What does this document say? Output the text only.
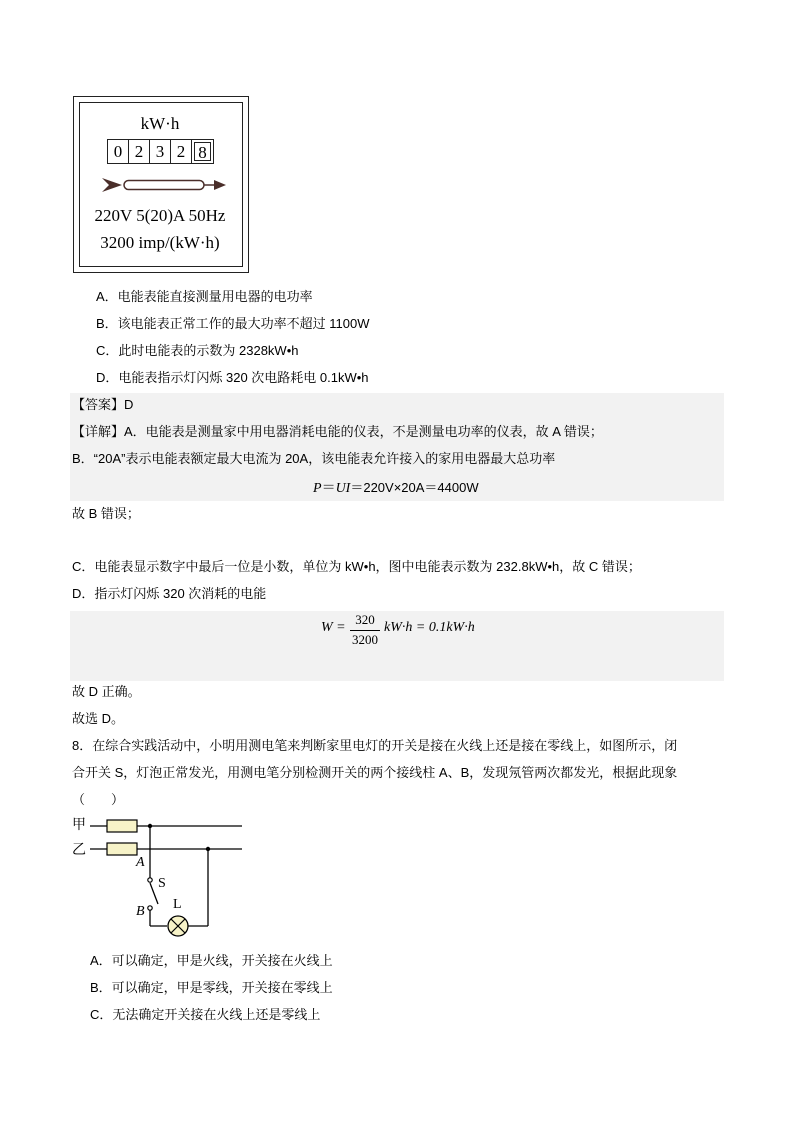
kW·h
0 2 3 2 8
220V 5(20)A 50Hz
3200 imp/(kW·h)
A．电能表能直接测量用电器的电功率
B．该电能表正常工作的最大功率不超过 1100W
C．此时电能表的示数为 2328kW•h
D．电能表指示灯闪烁 320 次电路耗电 0.1kW•h
【答案】D
【详解】A．电能表是测量家中用电器消耗电能的仪表，不是测量电功率的仪表，故 A 错误；
B．“20A”表示电能表额定最大电流为 20A，该电能表允许接入的家用电器最大总功率
P＝UI＝220V×20A＝4400W
故 B 错误；
C．电能表显示数字中最后一位是小数，单位为 kW•h，图中电能表示数为 232.8kW•h，故 C 错误；
D．指示灯闪烁 320 次消耗的电能
W =
320
3200
kW·h = 0.1kW·h
故 D 正确。
故选 D。
8．在综合实践活动中，小明用测电笔来判断家里电灯的开关是接在火线上还是接在零线上，如图所示，闭
合开关 S，灯泡正常发光，用测电笔分别检测开关的两个接线柱 A、B，发现氖管两次都发光，根据此现象
（　　）
甲
乙
A
S
B L
A．可以确定，甲是火线，开关接在火线上
B．可以确定，甲是零线，开关接在零线上
C．无法确定开关接在火线上还是零线上
